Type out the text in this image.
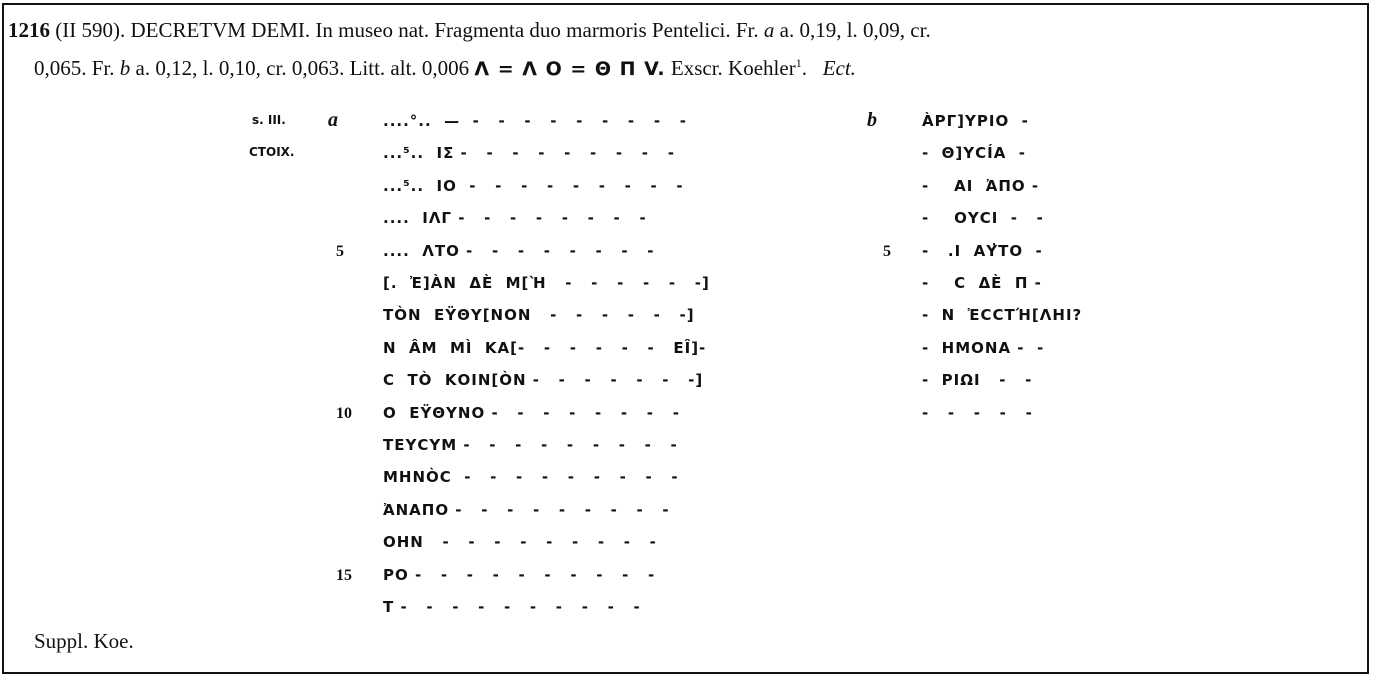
1216 (II 590). DECRETVM DEMI. In museo nat. Fragmenta duo marmoris Pentelici. Fr. a a. 0,19, l. 0,09, cr.
0,065. Fr. b a. 0,12, l. 0,10, cr. 0,063. Litt. alt. 0,006 Λ = Λ Ο = Θ Π V. Exscr. Koehler$^1$. Ect.
s. III.
CTOIX.
a	b
....°..  —  -   -   -   -   -   -   -   -   -
...⁵..  ΙΣ -   -   -   -   -   -   -   -   -
...⁵..  ΙΟ  -   -   -   -   -   -   -   -   -
....  ΙΛΓ -   -   -   -   -   -   -   -
5	....  ΛΤΟ -   -   -   -   -   -   -   -
[.  Ἐ]ÀΝ  ΔÈ  Μ[Ὴ   -   -   -   -   -   -]
ΤÒΝ  ΕΫΘΥ[ΝΟΝ   -   -   -   -   -   -]
Ν  ÂΜ  ΜÌ  ΚΑ[-   -   -   -   -   -   ΕÎ]-
C  ΤÒ  ΚΟΙΝ[ÒΝ -   -   -   -   -   -   -]
10 Ο  ΕΫΘΥΝΟ -   -   -   -   -   -   -   -
ΤΕΥCΥΜ -   -   -   -   -   -   -   -   -
ΜΗΝÒC  -   -   -   -   -   -   -   -   -
ἈΝΑΠΟ -   -   -   -   -   -   -   -   -
ΟΗΝ   -   -   -   -   -   -   -   -   -
15 ΡΟ -   -   -   -   -   -   -   -   -   -
Τ -   -   -   -   -   -   -   -   -   -
ÀΡΓ]ΥΡΙΟ  -
-  Θ]ΥCÍΑ  -
-    ΑΙ  ἈΠΟ -
-    ΟΥCΙ  -   -
5 -   .Ι  ΑΥ̓ΤΟ  -
-    C  ΔÈ  Π -
-  Ν  ἘCCΤΉ[ΛΗΙ?
-  ΗΜΟΝΑ -  -
-  ΡΙΩΙ   -   -
-   -   -   -   -
Suppl. Koe.
